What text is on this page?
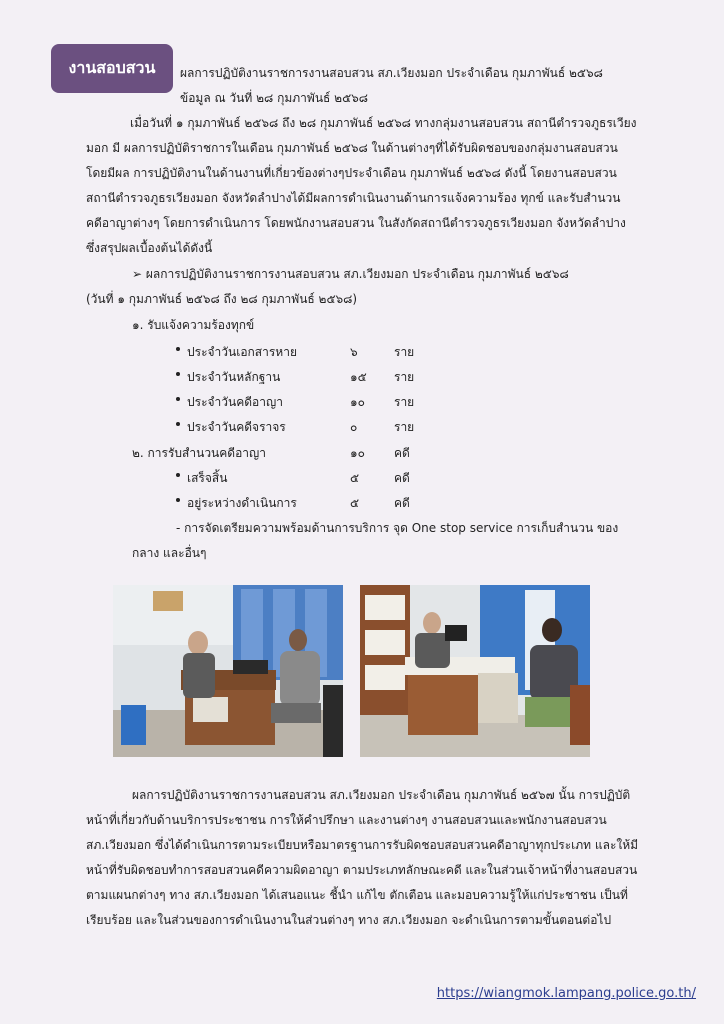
งานสอบสวน	ผลการปฏิบัติงานราชการงานสอบสวน สภ.เวียงมอก ประจำเดือน กุมภาพันธ์ ๒๕๖๘
ข้อมูล ณ วันที่ ๒๘ กุมภาพันธ์ ๒๕๖๘
เมื่อวันที่ ๑ กุมภาพันธ์ ๒๕๖๘ ถึง ๒๘ กุมภาพันธ์ ๒๕๖๘ ทางกลุ่มงานสอบสวน สถานีตำรวจภูธรเวียง
มอก มี ผลการปฏิบัติราชการในเดือน กุมภาพันธ์ ๒๕๖๘ ในด้านต่างๆที่ได้รับผิดชอบของกลุ่มงานสอบสวน
โดยมีผล การปฏิบัติงานในด้านงานที่เกี่ยวข้องต่างๆประจำเดือน กุมภาพันธ์ ๒๕๖๘ ดังนี้ โดยงานสอบสวน
สถานีตำรวจภูธรเวียงมอก จังหวัดลำปางได้มีผลการดำเนินงานด้านการแจ้งความร้อง ทุกข์ และรับสำนวน
คดีอาญาต่างๆ โดยการดำเนินการ โดยพนักงานสอบสวน ในสังกัดสถานีตำรวจภูธรเวียงมอก จังหวัดลำปาง
ซึ่งสรุปผลเบื้องต้นได้ดังนี้
➢ ผลการปฏิบัติงานราชการงานสอบสวน สภ.เวียงมอก ประจำเดือน กุมภาพันธ์ ๒๕๖๘
(วันที่ ๑ กุมภาพันธ์ ๒๕๖๘ ถึง ๒๘ กุมภาพันธ์ ๒๕๖๘)
๑. รับแจ้งความร้องทุกข์
ประจำวันเอกสารหาย	๖	ราย
ประจำวันหลักฐาน	๑๕ ราย
ประจำวันคดีอาญา	๑๐ ราย
ประจำวันคดีจราจร	๐	ราย
๒. การรับสำนวนคดีอาญา	๑๐ คดี
เสร็จสิ้น	๕	คดี
อยู่ระหว่างดำเนินการ	๕	คดี
- การจัดเตรียมความพร้อมด้านการบริการ จุด One stop service การเก็บสำนวน ของ
กลาง และอื่นๆ
ผลการปฏิบัติงานราชการงานสอบสวน สภ.เวียงมอก ประจำเดือน กุมภาพันธ์ ๒๕๖๗ นั้น การปฏิบัติ
หน้าที่เกี่ยวกับด้านบริการประชาชน การให้คำปรึกษา และงานต่างๆ งานสอบสวนและพนักงานสอบสวน
สภ.เวียงมอก ซึ่งได้ดำเนินการตามระเบียบหรือมาตรฐานการรับผิดชอบสอบสวนคดีอาญาทุกประเภท และให้มี
หน้าที่รับผิดชอบทำการสอบสวนคดีความผิดอาญา ตามประเภทลักษณะคดี และในส่วนเจ้าหน้าที่งานสอบสวน
ตามแผนกต่างๆ ทาง สภ.เวียงมอก ได้เสนอแนะ ชี้นำ แก้ไข ตักเตือน และมอบความรู้ให้แก่ประชาชน เป็นที่
เรียบร้อย และในส่วนของการดำเนินงานในส่วนต่างๆ ทาง สภ.เวียงมอก จะดำเนินการตามขั้นตอนต่อไป
https://wiangmok.lampang.police.go.th/
